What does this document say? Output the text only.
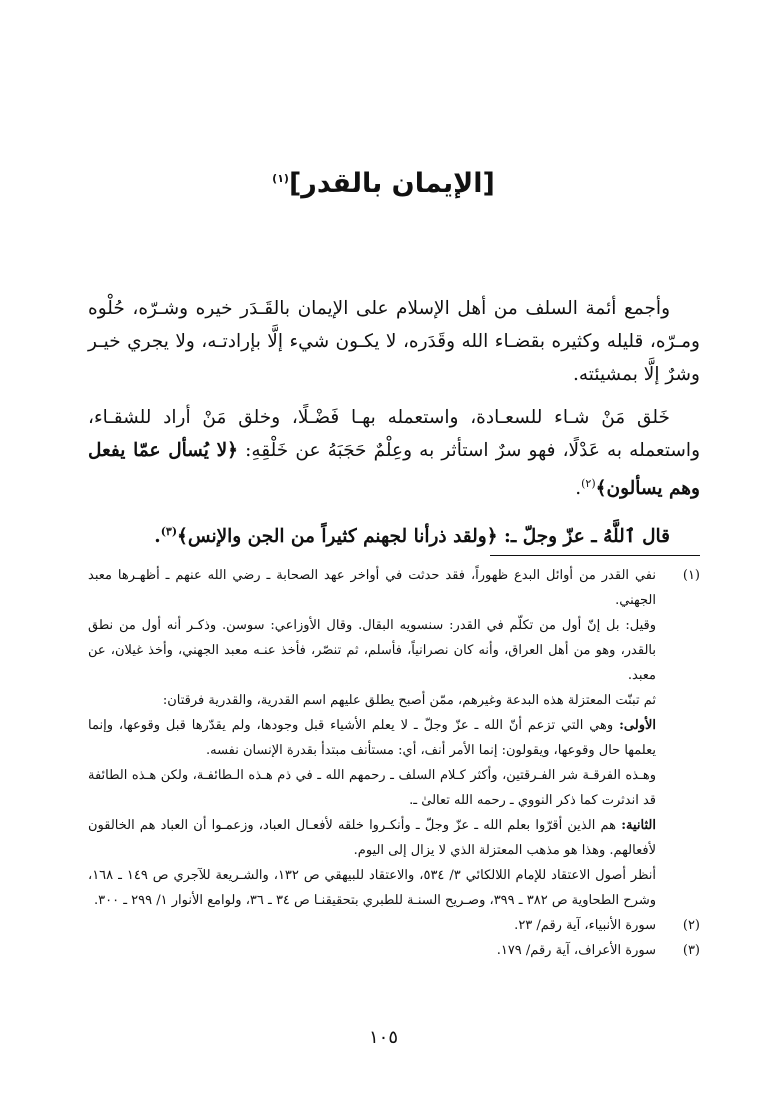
[الإيمان بالقدر]$^{(١)}$

وأجمع أئمة السلف من أهل الإسلام على الإيمان بالقَـدَر خيره وشـرّه، حُلْوه ومـرّه، قليله وكثيره بقضـاء الله وقَدَره، لا يكـون شيء إلَّا بإرادتـه، ولا يجري خيـر وشرٌ إلَّا بمشيئته.

خَلق مَنْ شـاء للسعـادة، واستعمله بهـا فَضْـلًا، وخلق مَنْ أراد للشقـاء، واستعمله به عَدْلًا، فهو سرٌ استأثر به وعِلْمٌ حَجَبَهُ عن خَلْقِهِ: ﴿لا يُسأل عمّا يفعل وهم يسألون﴾$^{(٢)}$.

قال ٱللَّهُ ـ عزّ وجلّ ـ: ﴿ولقد ذرأنا لجهنم كثيراً من الجن والإنس﴾$^{(٣)}$.

(١)

نفي القدر من أوائل البدع ظهوراً، فقد حدثت في أواخر عهد الصحابة ـ رضي الله عنهم ـ أظهـرها معبد الجهني.

وقيل: بل إنّ أول من تكلّم في القدر: سنسويه البقال. وقال الأوزاعي: سوسن. وذكـر أنه أول من نطق بالقدر، وهو من أهل العراق، وأنه كان نصرانياً، فأسلم، ثم تنصّر، فأخذ عنـه معبد الجهني، وأخذ غيلان، عن معبد.

ثم تبنّت المعتزلة هذه البدعة وغيرهم، ممّن أصبح يطلق عليهم اسم القدرية، والقدرية فرقتان:

الأولى: وهي التي تزعم أنّ الله ـ عزّ وجلّ ـ لا يعلم الأشياء قبل وجودها، ولم يقدّرها قبل وقوعها، وإنما يعلمها حال وقوعها، ويقولون: إنما الأمر أنف، أي: مستأنف مبتدأ بقدرة الإنسان نفسه.

وهـذه الفرقـة شر الفـرقتين، وأكثر كـلام السلف ـ رحمهم الله ـ في ذم هـذه الـطائفـة، ولكن هـذه الطائفة قد اندثرت كما ذكر النووي ـ رحمه الله تعالىٰ ـ.

الثانية: هم الذين أقرّوا بعلم الله ـ عزّ وجلّ ـ وأنكـروا خلقه لأفعـال العباد، وزعمـوا أن العباد هم الخالقون لأفعالهم. وهذا هو مذهب المعتزلة الذي لا يزال إلى اليوم.

أنظر أصول الاعتقاد للإمام اللالكائي ٣/ ٥٣٤، والاعتقاد للبيهقي ص ١٣٢، والشـريعة للآجري ص ١٤٩ ـ ١٦٨، وشرح الطحاوية ص ٣٨٢ ـ ٣٩٩، وصـريح السنـة للطبري بتحقيقنـا ص ٣٤ ـ ٣٦، ولوامع الأنوار ١/ ٢٩٩ ـ ٣٠٠.

(٢)

سورة الأنبياء، آية رقم/ ٢٣.

(٣)

سورة الأعراف، آية رقم/ ١٧٩.

١٠٥
